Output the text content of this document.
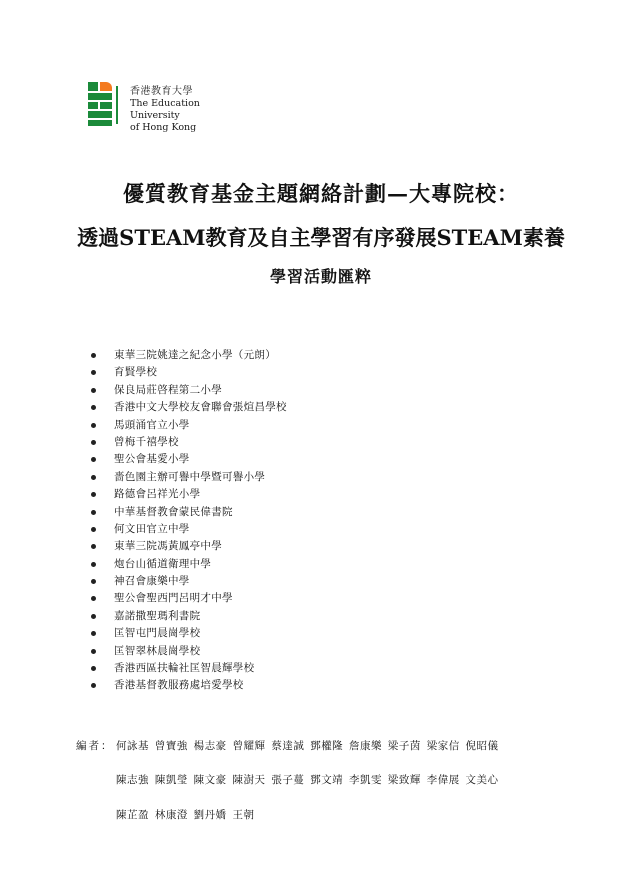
香港教育大學
The Education University
of Hong Kong
優質教育基金主題網絡計劃—大專院校：
透過STEAM教育及自主學習有序發展STEAM素養
學習活動匯粹
東華三院姚達之紀念小學（元朗）
育賢學校
保良局莊啓程第二小學
香港中文大學校友會聯會張煊昌學校
馬頭涌官立小學
曾梅千禧學校
聖公會基愛小學
嗇色園主辦可譽中學暨可譽小學
路德會呂祥光小學
中華基督教會蒙民偉書院
何文田官立中學
東華三院馮黃鳳亭中學
炮台山循道衛理中學
神召會康樂中學
聖公會聖西門呂明才中學
嘉諾撒聖瑪利書院
匡智屯門晨崗學校
匡智翠林晨崗學校
香港西區扶輪社匡智晨輝學校
香港基督教服務處培愛學校
編者： 何詠基 曾寶強 楊志豪 曾耀輝 蔡達誠 鄧權隆 詹康樂 梁子茵 梁家信 倪昭儀
陳志強 陳凱瑩 陳文豪 陳澍天 張子蔓 鄧文靖 李凱雯 梁致輝 李偉展 文美心
陳芷盈 林康澄 劉丹嬌 王朝
